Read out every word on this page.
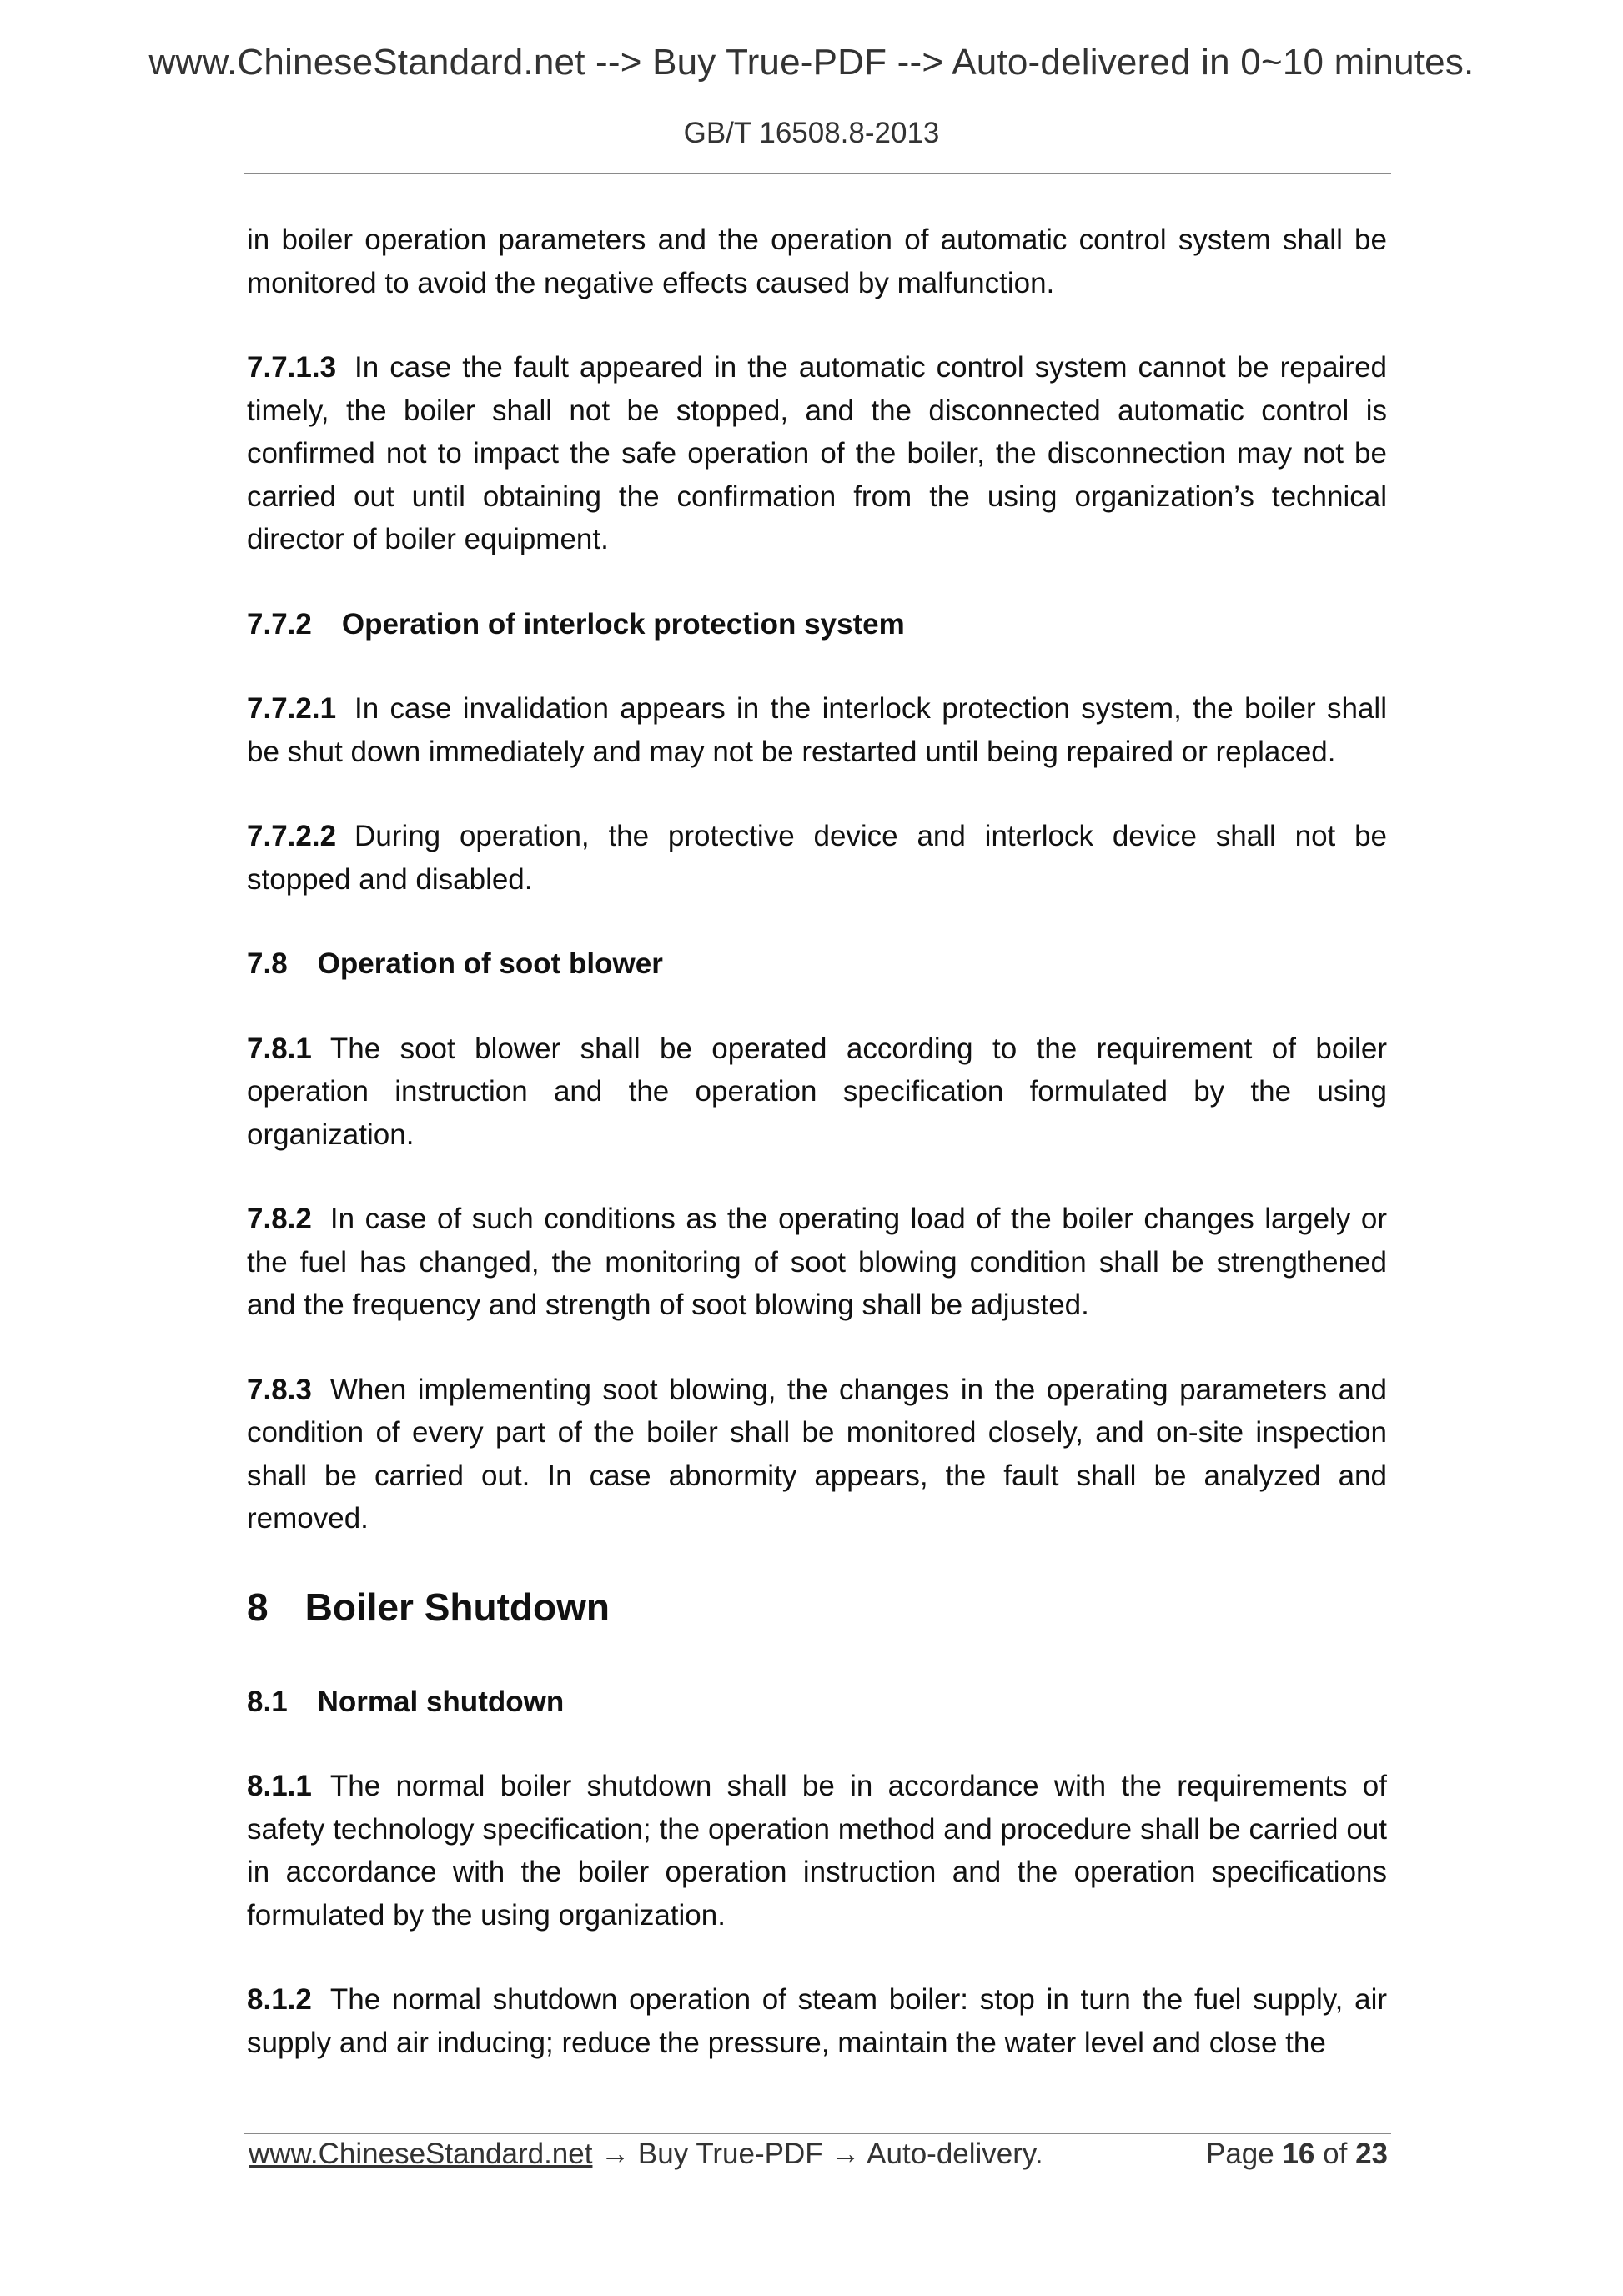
www.ChineseStandard.net --> Buy True-PDF --> Auto-delivered in 0~10 minutes.
GB/T 16508.8-2013

in boiler operation parameters and the operation of automatic control system shall be monitored to avoid the negative effects caused by malfunction.

7.7.1.3 In case the fault appeared in the automatic control system cannot be repaired timely, the boiler shall not be stopped, and the disconnected automatic control is confirmed not to impact the safe operation of the boiler, the disconnection may not be carried out until obtaining the confirmation from the using organization’s technical director of boiler equipment.

7.7.2 Operation of interlock protection system

7.7.2.1 In case invalidation appears in the interlock protection system, the boiler shall be shut down immediately and may not be restarted until being repaired or replaced.

7.7.2.2 During operation, the protective device and interlock device shall not be stopped and disabled.

7.8 Operation of soot blower

7.8.1 The soot blower shall be operated according to the requirement of boiler operation instruction and the operation specification formulated by the using organization.

7.8.2 In case of such conditions as the operating load of the boiler changes largely or the fuel has changed, the monitoring of soot blowing condition shall be strengthened and the frequency and strength of soot blowing shall be adjusted.

7.8.3 When implementing soot blowing, the changes in the operating parameters and condition of every part of the boiler shall be monitored closely, and on-site inspection shall be carried out. In case abnormity appears, the fault shall be analyzed and removed.

8 Boiler Shutdown
8.1 Normal shutdown

8.1.1 The normal boiler shutdown shall be in accordance with the requirements of safety technology specification; the operation method and procedure shall be carried out in accordance with the boiler operation instruction and the operation specifications formulated by the using organization.

8.1.2 The normal shutdown operation of steam boiler: stop in turn the fuel supply, air supply and air inducing; reduce the pressure, maintain the water level and close the

www.ChineseStandard.net → Buy True-PDF → Auto-delivery.	Page 16 of 23
